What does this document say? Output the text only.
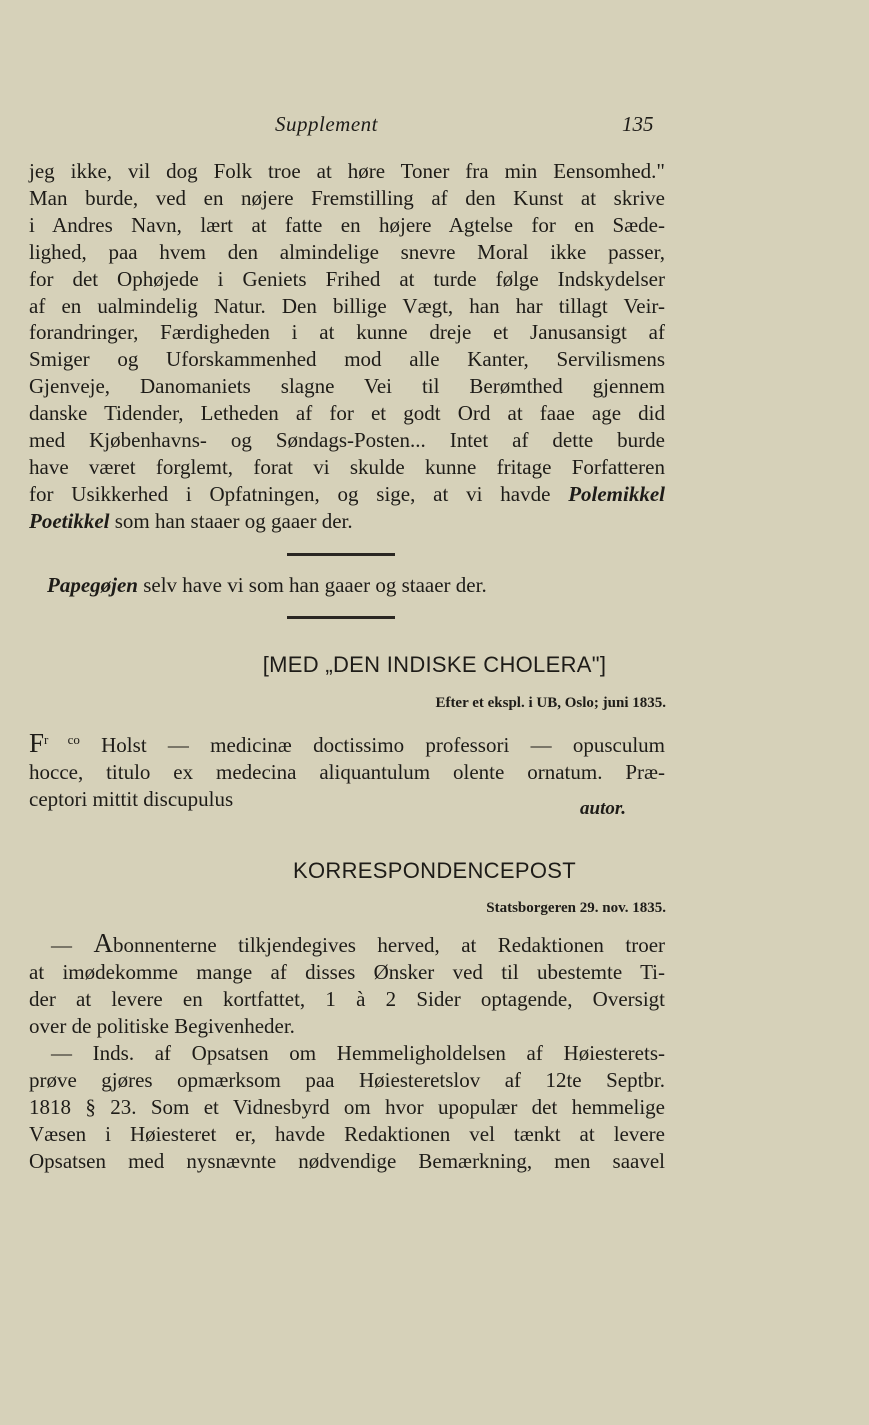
Supplement	135
jeg ikke, vil dog Folk troe at høre Toner fra min Eensomhed."
Man burde, ved en nøjere Fremstilling af den Kunst at skrive
i Andres Navn, lært at fatte en højere Agtelse for en Sæde-
lighed, paa hvem den almindelige snevre Moral ikke passer,
for det Ophøjede i Geniets Frihed at turde følge Indskydelser
af en ualmindelig Natur. Den billige Vægt, han har tillagt Veir-
forandringer, Færdigheden i at kunne dreje et Janusansigt af
Smiger og Uforskammenhed mod alle Kanter, Servilismens
Gjenveje, Danomaniets slagne Vei til Berømthed gjennem
danske Tidender, Letheden af for et godt Ord at faae age did
med Kjøbenhavns- og Søndags-Posten... Intet af dette burde
have været forglemt, forat vi skulde kunne fritage Forfatteren
for Usikkerhed i Opfatningen, og sige, at vi havde Polemikkel
Poetikkel som han staaer og gaaer der.
Papegøjen selv have vi som han gaaer og staaer der.
[MED „DEN INDISKE CHOLERA"]
Efter et ekspl. i UB, Oslo; juni 1835.
$F^{r co}$ Holst — medicinæ doctissimo professori — opusculum
hocce, titulo ex medecina aliquantulum olente ornatum. Præ-
ceptori mittit discupulus	autor.
KORRESPONDENCEPOST
Statsborgeren 29. nov. 1835.
— Abonnenterne tilkjendegives herved, at Redaktionen troer
at imødekomme mange af disses Ønsker ved til ubestemte Ti-
der at levere en kortfattet, 1 à 2 Sider optagende, Oversigt
over de politiske Begivenheder.
— Inds. af Opsatsen om Hemmeligholdelsen af Høiesterets-
prøve gjøres opmærksom paa Høiesteretslov af 12te Septbr.
1818 § 23. Som et Vidnesbyrd om hvor upopulær det hemmelige
Væsen i Høiesteret er, havde Redaktionen vel tænkt at levere
Opsatsen med nysnævnte nødvendige Bemærkning, men saavel
